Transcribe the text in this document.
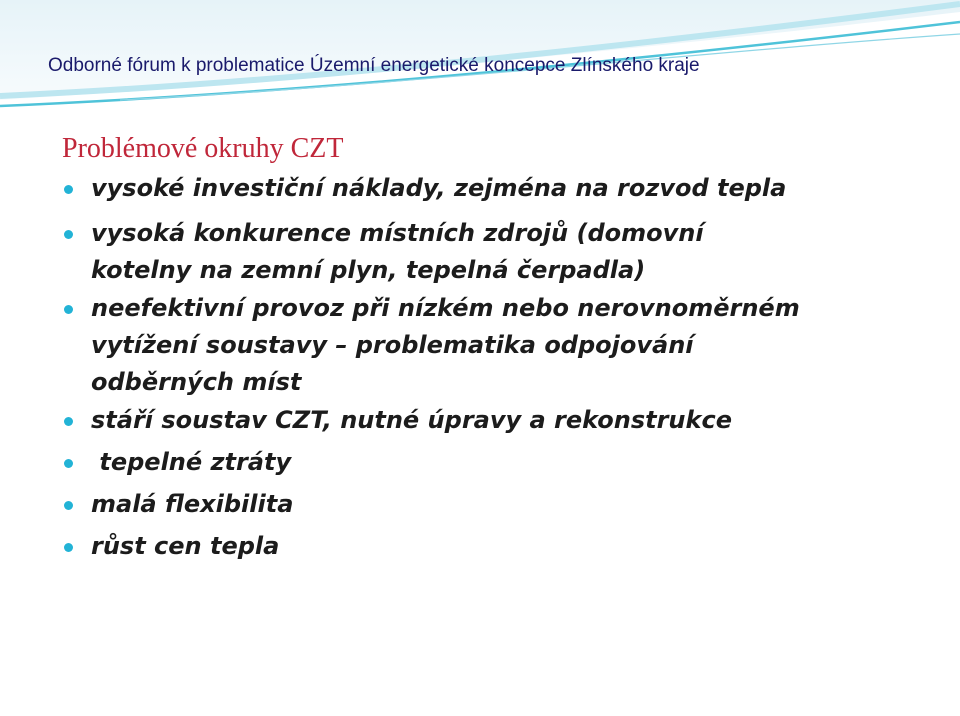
Odborné fórum k problematice Územní energetické koncepce Zlínského kraje
Problémové okruhy CZT
vysoké investiční náklady, zejména na rozvod tepla
vysoká konkurence místních zdrojů (domovní
kotelny na zemní plyn, tepelná čerpadla)
neefektivní provoz při nízkém nebo nerovnoměrném
vytížení soustavy – problematika odpojování
odběrných míst
stáří soustav CZT, nutné úpravy a rekonstrukce
tepelné ztráty
malá flexibilita
růst cen tepla
